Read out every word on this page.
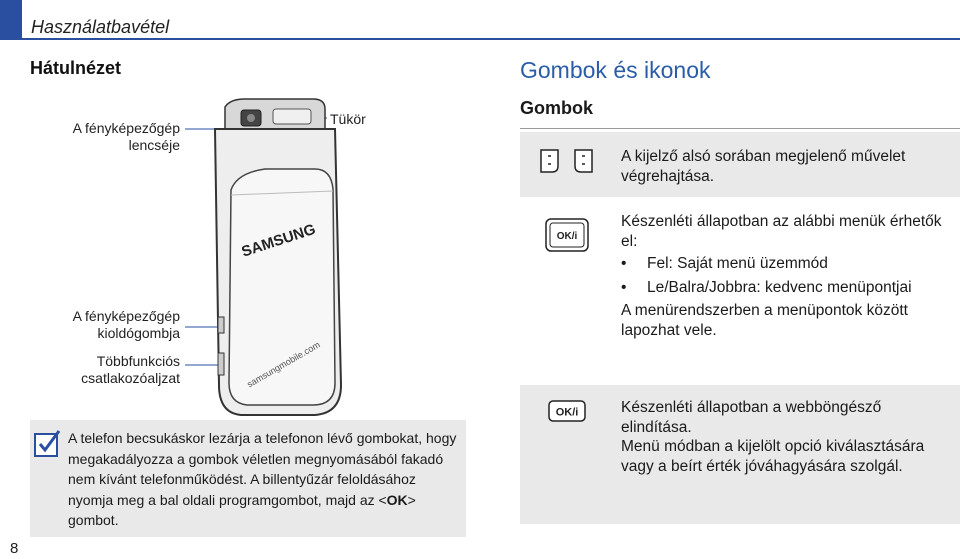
Használatbavétel
Hátulnézet
A fényképezőgép lencséje
Tükör
A fényképezőgép kioldógombja
Többfunkciós csatlakozóaljzat
SAMSUNG
samsungmobile.com
A telefon becsukáskor lezárja a telefonon lévő gombokat, hogy megakadályozza a gombok véletlen megnyomásából fakadó nem kívánt telefonműködést. A billentyűzár feloldásához nyomja meg a bal oldali programgombot, majd az <OK> gombot.
8
Gombok és ikonok
Gombok
OK/i
OK/i
A kijelző alsó sorában megjelenő művelet végrehajtása.

Készenléti állapotban az alábbi menük érhetők el:

•	Fel: Saját menü üzemmód
•	Le/Balra/Jobbra: kedvenc menüpontjai

A menürendszerben a menüpontok között lapozhat vele.

Készenléti állapotban a webböngésző elindítása.

Menü módban a kijelölt opció kiválasztására vagy a beírt érték jóváhagyására szolgál.
